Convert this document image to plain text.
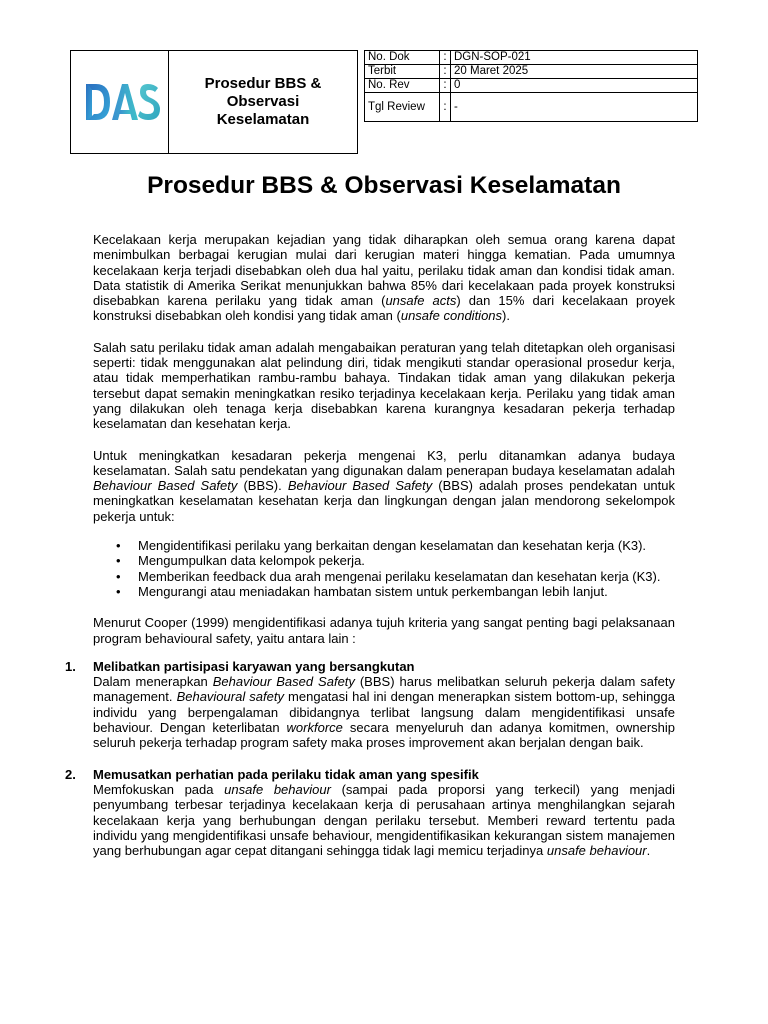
Prosedur BBS &
Observasi
Keselamatan
No. Dok	:	DGN-SOP-021
Terbit	:	20 Maret 2025
No. Rev	:	0
Tgl Review	:	-
Prosedur BBS & Observasi Keselamatan

Kecelakaan kerja merupakan kejadian yang tidak diharapkan oleh semua orang karena dapat menimbulkan berbagai kerugian mulai dari kerugian materi hingga kematian. Pada umumnya kecelakaan kerja terjadi disebabkan oleh dua hal yaitu, perilaku tidak aman dan kondisi tidak aman. Data statistik di Amerika Serikat menunjukkan bahwa 85% dari kecelakaan pada proyek konstruksi disebabkan karena perilaku yang tidak aman (unsafe acts) dan 15% dari kecelakaan proyek konstruksi disebabkan oleh kondisi yang tidak aman (unsafe conditions).

Salah satu perilaku tidak aman adalah mengabaikan peraturan yang telah ditetapkan oleh organisasi seperti: tidak menggunakan alat pelindung diri, tidak mengikuti standar operasional prosedur kerja, atau tidak memperhatikan rambu-rambu bahaya. Tindakan tidak aman yang dilakukan pekerja tersebut dapat semakin meningkatkan resiko terjadinya kecelakaan kerja. Perilaku yang tidak aman yang dilakukan oleh tenaga kerja disebabkan karena kurangnya kesadaran pekerja terhadap keselamatan dan kesehatan kerja.

Untuk meningkatkan kesadaran pekerja mengenai K3, perlu ditanamkan adanya budaya keselamatan. Salah satu pendekatan yang digunakan dalam penerapan budaya keselamatan adalah Behaviour Based Safety (BBS). Behaviour Based Safety (BBS) adalah proses pendekatan untuk meningkatkan keselamatan kesehatan kerja dan lingkungan dengan jalan mendorong sekelompok pekerja untuk:

• Mengidentifikasi perilaku yang berkaitan dengan keselamatan dan kesehatan kerja (K3).
• Mengumpulkan data kelompok pekerja.
• Memberikan feedback dua arah mengenai perilaku keselamatan dan kesehatan kerja (K3).
• Mengurangi atau meniadakan hambatan sistem untuk perkembangan lebih lanjut.

Menurut Cooper (1999) mengidentifikasi adanya tujuh kriteria yang sangat penting bagi pelaksanaan program behavioural safety, yaitu antara lain :

1. Melibatkan partisipasi karyawan yang bersangkutan
Dalam menerapkan Behaviour Based Safety (BBS) harus melibatkan seluruh pekerja dalam safety management. Behavioural safety mengatasi hal ini dengan menerapkan sistem bottom-up, sehingga individu yang berpengalaman dibidangnya terlibat langsung dalam mengidentifikasi unsafe behaviour. Dengan keterlibatan workforce secara menyeluruh dan adanya komitmen, ownership seluruh pekerja terhadap program safety maka proses improvement akan berjalan dengan baik.
2. Memusatkan perhatian pada perilaku tidak aman yang spesifik
Memfokuskan pada unsafe behaviour (sampai pada proporsi yang terkecil) yang menjadi penyumbang terbesar terjadinya kecelakaan kerja di perusahaan artinya menghilangkan sejarah kecelakaan kerja yang berhubungan dengan perilaku tersebut. Memberi reward tertentu pada individu yang mengidentifikasi unsafe behaviour, mengidentifikasikan kekurangan sistem manajemen yang berhubungan agar cepat ditangani sehingga tidak lagi memicu terjadinya unsafe behaviour.
